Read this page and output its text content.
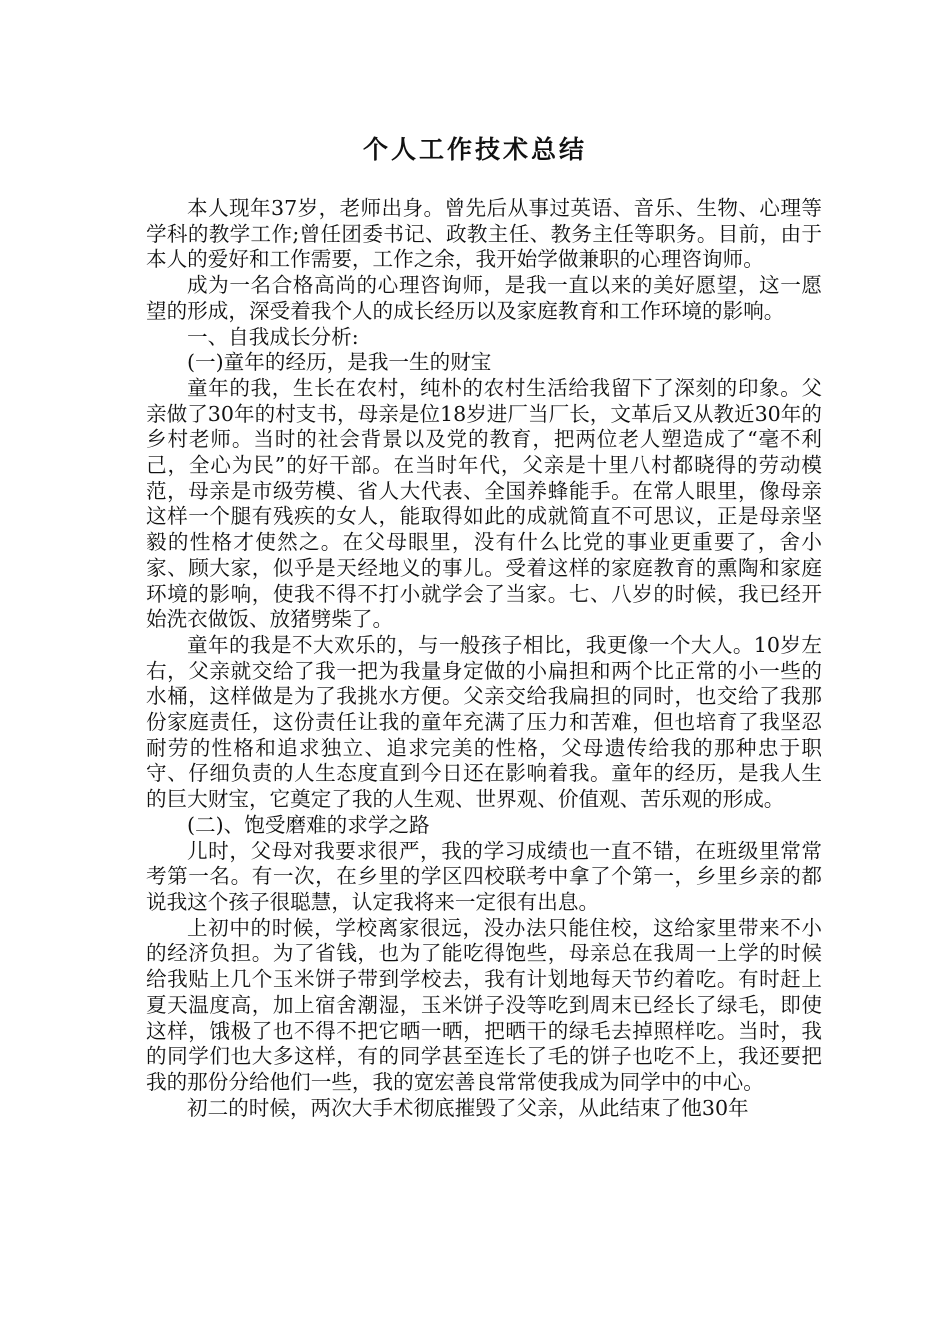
个人工作技术总结

本人现年37岁，老师出身。曾先后从事过英语、音乐、生物、心理等学科的教学工作;曾任团委书记、政教主任、教务主任等职务。目前，由于本人的爱好和工作需要，工作之余，我开始学做兼职的心理咨询师。

成为一名合格高尚的心理咨询师，是我一直以来的美好愿望，这一愿望的形成，深受着我个人的成长经历以及家庭教育和工作环境的影响。

一、自我成长分析:

(一)童年的经历，是我一生的财宝

童年的我，生长在农村，纯朴的农村生活给我留下了深刻的印象。父亲做了30年的村支书，母亲是位18岁进厂当厂长，文革后又从教近30年的乡村老师。当时的社会背景以及党的教育，把两位老人塑造成了“毫不利己，全心为民”的好干部。在当时年代，父亲是十里八村都晓得的劳动模范，母亲是市级劳模、省人大代表、全国养蜂能手。在常人眼里，像母亲这样一个腿有残疾的女人，能取得如此的成就简直不可思议，正是母亲坚毅的性格才使然之。在父母眼里，没有什么比党的事业更重要了，舍小家、顾大家，似乎是天经地义的事儿。受着这样的家庭教育的熏陶和家庭环境的影响，使我不得不打小就学会了当家。七、八岁的时候，我已经开始洗衣做饭、放猪劈柴了。

童年的我是不大欢乐的，与一般孩子相比，我更像一个大人。10岁左右，父亲就交给了我一把为我量身定做的小扁担和两个比正常的小一些的水桶，这样做是为了我挑水方便。父亲交给我扁担的同时，也交给了我那份家庭责任，这份责任让我的童年充满了压力和苦难，但也培育了我坚忍耐劳的性格和追求独立、追求完美的性格，父母遗传给我的那种忠于职守、仔细负责的人生态度直到今日还在影响着我。童年的经历，是我人生的巨大财宝，它奠定了我的人生观、世界观、价值观、苦乐观的形成。

(二)、饱受磨难的求学之路

儿时，父母对我要求很严，我的学习成绩也一直不错，在班级里常常考第一名。有一次，在乡里的学区四校联考中拿了个第一，乡里乡亲的都说我这个孩子很聪慧，认定我将来一定很有出息。

上初中的时候，学校离家很远，没办法只能住校，这给家里带来不小的经济负担。为了省钱，也为了能吃得饱些，母亲总在我周一上学的时候给我贴上几个玉米饼子带到学校去，我有计划地每天节约着吃。有时赶上夏天温度高，加上宿舍潮湿，玉米饼子没等吃到周末已经长了绿毛，即使这样，饿极了也不得不把它晒一晒，把晒干的绿毛去掉照样吃。当时，我的同学们也大多这样，有的同学甚至连长了毛的饼子也吃不上，我还要把我的那份分给他们一些，我的宽宏善良常常使我成为同学中的中心。

初二的时候，两次大手术彻底摧毁了父亲，从此结束了他30年
